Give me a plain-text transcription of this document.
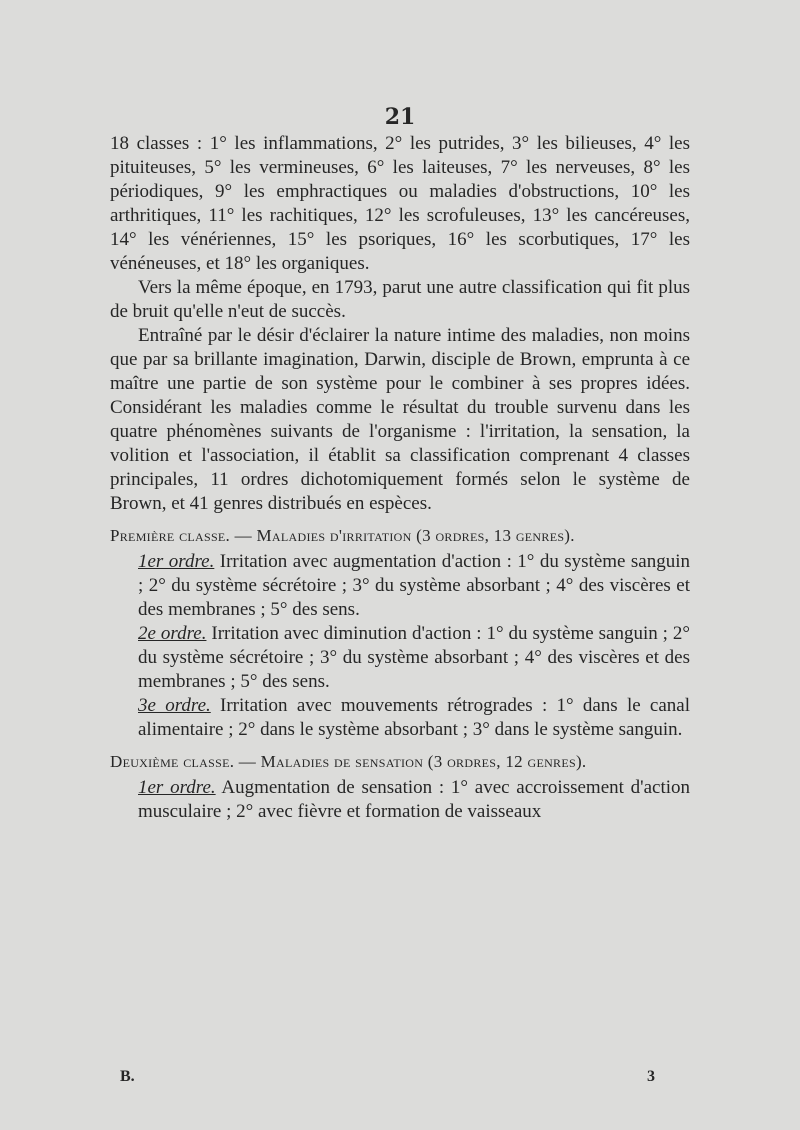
21

18 classes : 1° les inflammations, 2° les putrides, 3° les bilieuses, 4° les pituiteuses, 5° les vermineuses, 6° les laiteuses, 7° les nerveuses, 8° les périodiques, 9° les emphractiques ou maladies d'obstructions, 10° les arthritiques, 11° les rachitiques, 12° les scrofuleuses, 13° les cancéreuses, 14° les vénériennes, 15° les psoriques, 16° les scorbutiques, 17° les vénéneuses, et 18° les organiques.

Vers la même époque, en 1793, parut une autre classification qui fit plus de bruit qu'elle n'eut de succès.

Entraîné par le désir d'éclairer la nature intime des maladies, non moins que par sa brillante imagination, Darwin, disciple de Brown, emprunta à ce maître une partie de son système pour le combiner à ses propres idées. Considérant les maladies comme le résultat du trouble survenu dans les quatre phénomènes suivants de l'organisme : l'irritation, la sensation, la volition et l'association, il établit sa classification comprenant 4 classes principales, 11 ordres dichotomiquement formés selon le système de Brown, et 41 genres distribués en espèces.

Première classe. — Maladies d'irritation (3 ordres, 13 genres).

1er ordre. Irritation avec augmentation d'action : 1° du système sanguin ; 2° du système sécrétoire ; 3° du système absorbant ; 4° des viscères et des membranes ; 5° des sens.

2e ordre. Irritation avec diminution d'action : 1° du système sanguin ; 2° du système sécrétoire ; 3° du système absorbant ; 4° des viscères et des membranes ; 5° des sens.

3e ordre. Irritation avec mouvements rétrogrades : 1° dans le canal alimentaire ; 2° dans le système absorbant ; 3° dans le système sanguin.

Deuxième classe. — Maladies de sensation (3 ordres, 12 genres).

1er ordre. Augmentation de sensation : 1° avec accroissement d'action musculaire ; 2° avec fièvre et formation de vaisseaux

B.	3
